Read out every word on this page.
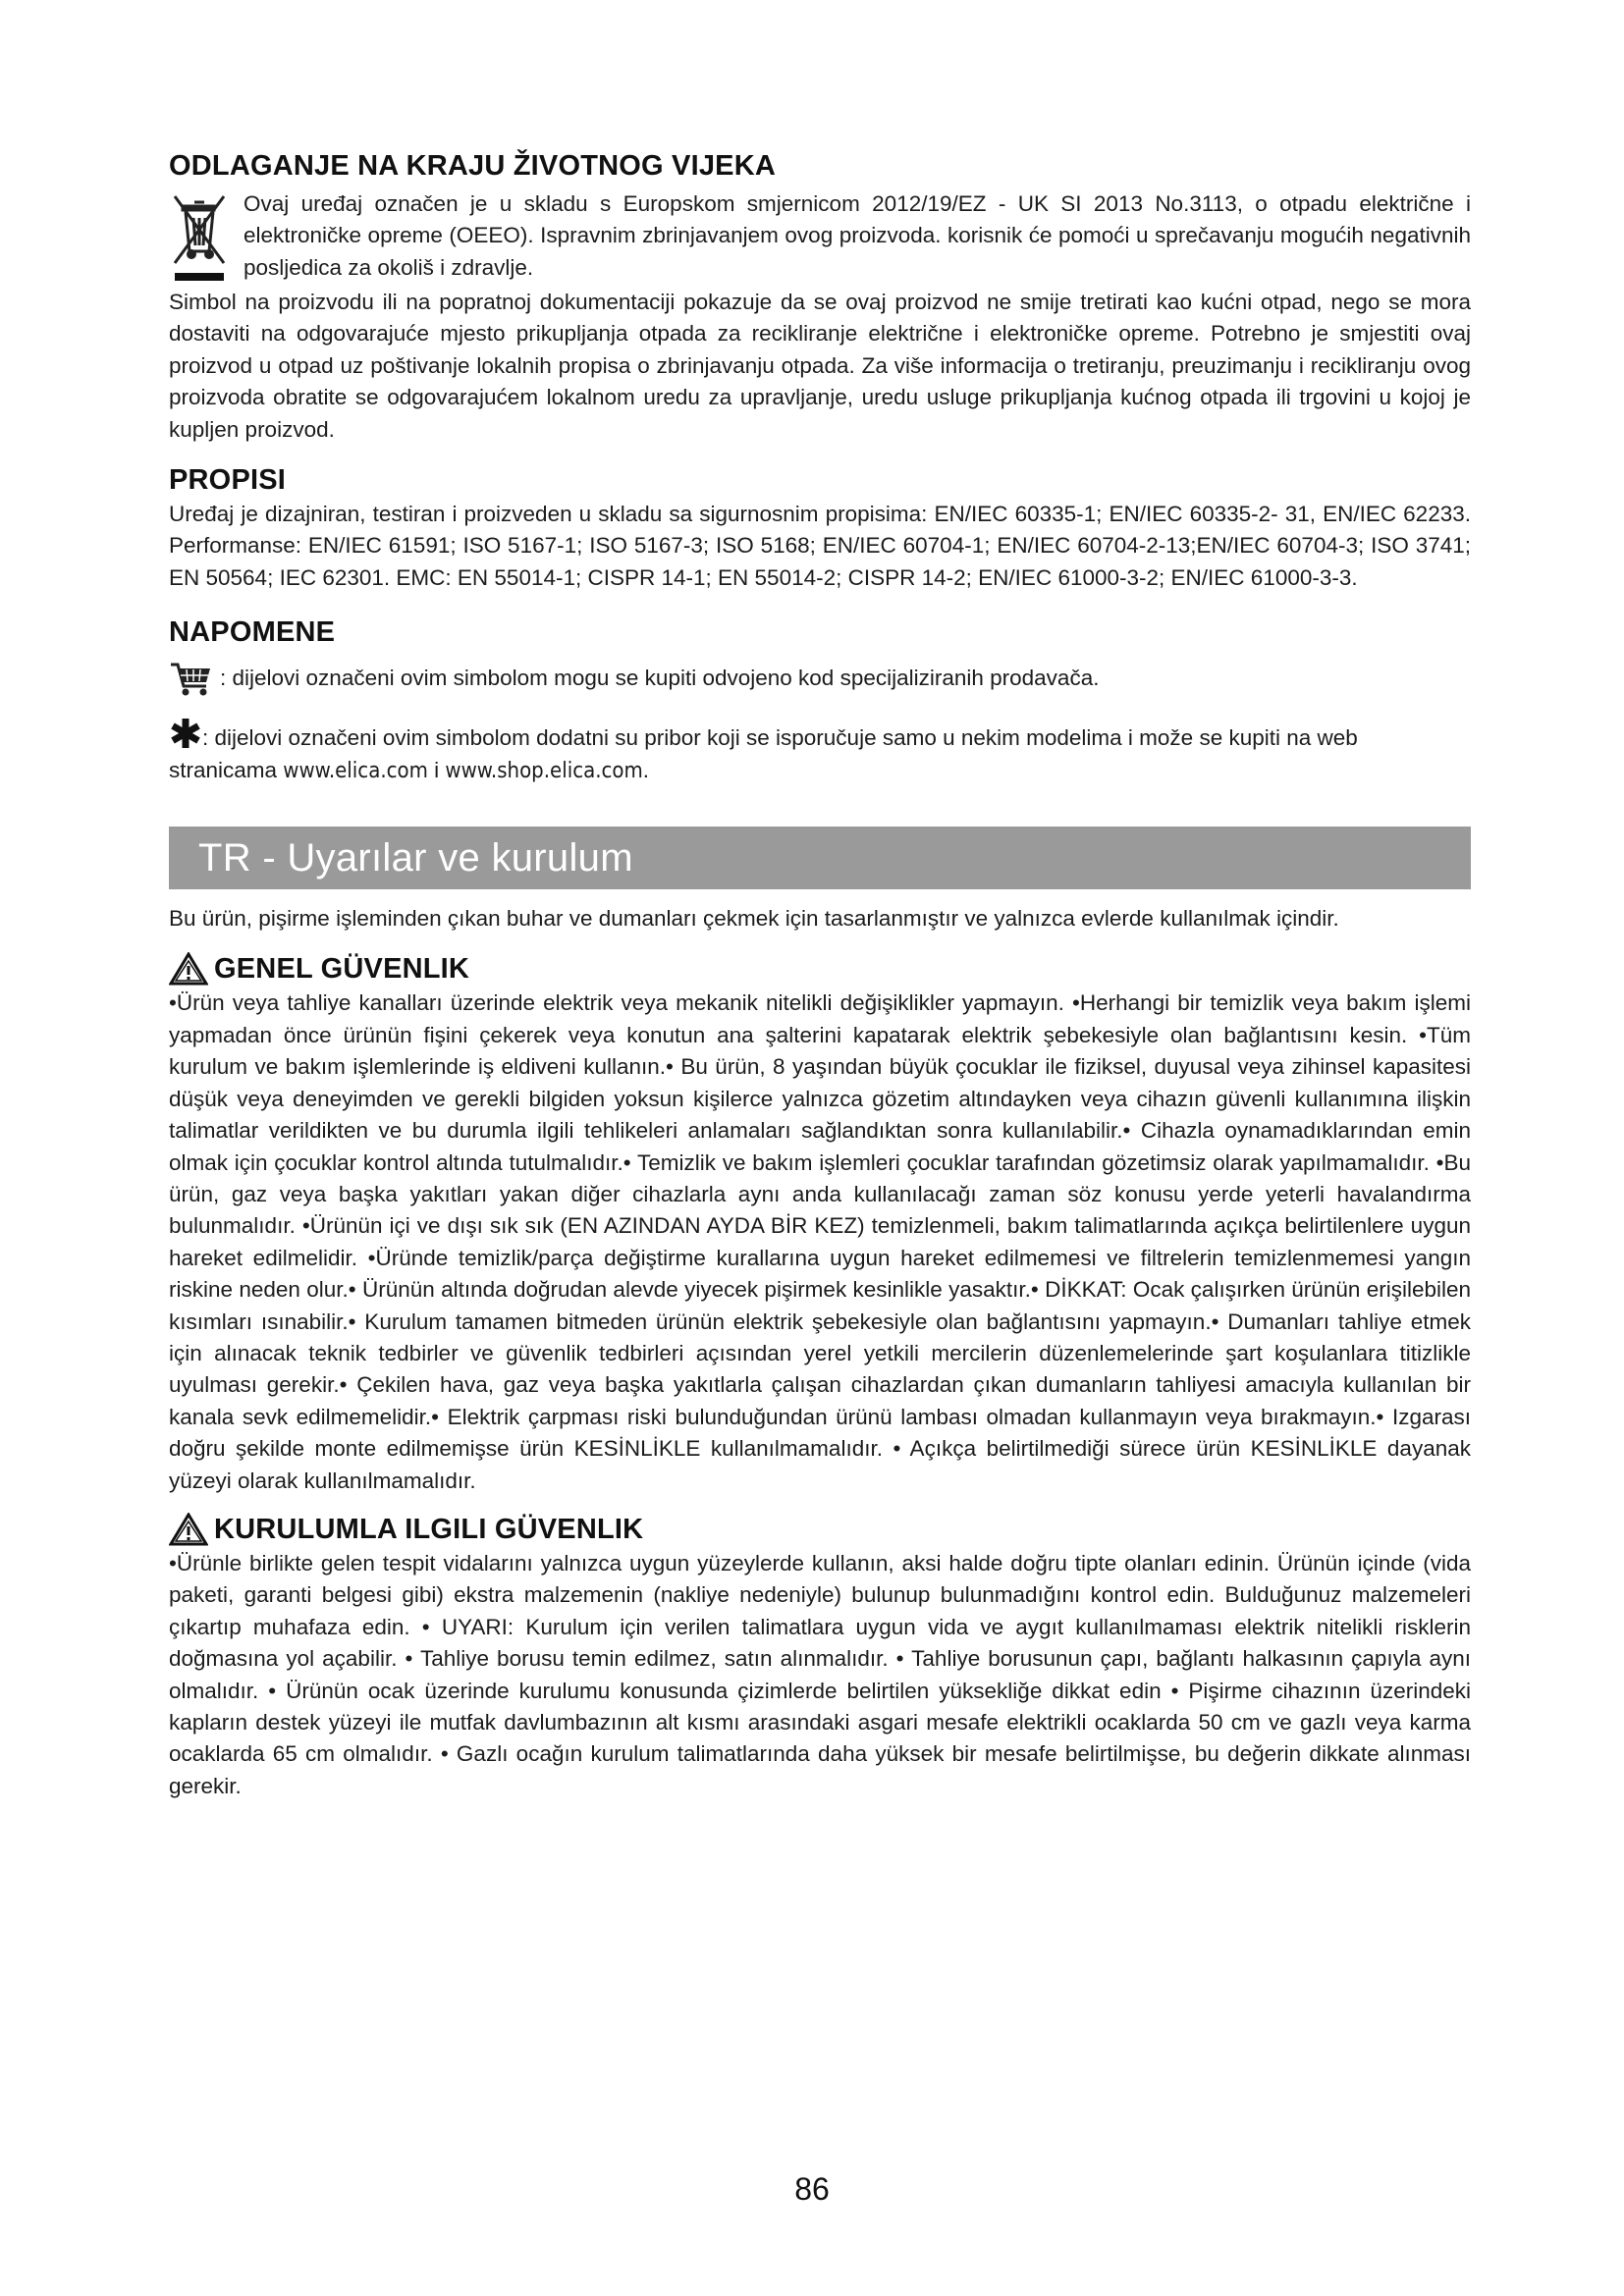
ODLAGANJE NA KRAJU ŽIVOTNOG VIJEKA

Ovaj uređaj označen je u skladu s Europskom smjernicom 2012/19/EZ - UK SI 2013 No.3113, o otpadu električne i elektroničke opreme (OEEO). Ispravnim zbrinjavanjem ovog proizvoda. korisnik će pomoći u sprečavanju mogućih negativnih posljedica za okoliš i zdravlje.

Simbol na proizvodu ili na popratnoj dokumentaciji pokazuje da se ovaj proizvod ne smije tretirati kao kućni otpad, nego se mora dostaviti na odgovarajuće mjesto prikupljanja otpada za recikliranje električne i elektroničke opreme. Potrebno je smjestiti ovaj proizvod u otpad uz poštivanje lokalnih propisa o zbrinjavanju otpada. Za više informacija o tretiranju, preuzimanju i recikliranju ovog proizvoda obratite se odgovarajućem lokalnom uredu za upravljanje, uredu usluge prikupljanja kućnog otpada ili trgovini u kojoj je kupljen proizvod.

PROPISI

Uređaj je dizajniran, testiran i proizveden u skladu sa sigurnosnim propisima: EN/IEC 60335-1; EN/IEC 60335-2- 31, EN/IEC 62233. Performanse: EN/IEC 61591; ISO 5167-1; ISO 5167-3; ISO 5168; EN/IEC 60704-1; EN/IEC 60704-2-13;EN/IEC 60704-3; ISO 3741; EN 50564; IEC 62301. EMC: EN 55014-1; CISPR 14-1; EN 55014-2; CISPR 14-2; EN/IEC 61000-3-2; EN/IEC 61000-3-3.

NAPOMENE

: dijelovi označeni ovim simbolom mogu se kupiti odvojeno kod specijaliziranih prodavača.

: dijelovi označeni ovim simbolom dodatni su pribor koji se isporučuje samo u nekim modelima i može se kupiti na web stranicama www.elica.com i www.shop.elica.com.

TR - Uyarılar ve kurulum

Bu ürün, pişirme işleminden çıkan buhar ve dumanları çekmek için tasarlanmıştır ve yalnızca evlerde kullanılmak içindir.

GENEL GÜVENLIK

•Ürün veya tahliye kanalları üzerinde elektrik veya mekanik nitelikli değişiklikler yapmayın. •Herhangi bir temizlik veya bakım işlemi yapmadan önce ürünün fişini çekerek veya konutun ana şalterini kapatarak elektrik şebekesiyle olan bağlantısını kesin. •Tüm kurulum ve bakım işlemlerinde iş eldiveni kullanın.• Bu ürün, 8 yaşından büyük çocuklar ile fiziksel, duyusal veya zihinsel kapasitesi düşük veya deneyimden ve gerekli bilgiden yoksun kişilerce yalnızca gözetim altındayken veya cihazın güvenli kullanımına ilişkin talimatlar verildikten ve bu durumla ilgili tehlikeleri anlamaları sağlandıktan sonra kullanılabilir.• Cihazla oynamadıklarından emin olmak için çocuklar kontrol altında tutulmalıdır.• Temizlik ve bakım işlemleri çocuklar tarafından gözetimsiz olarak yapılmamalıdır. •Bu ürün, gaz veya başka yakıtları yakan diğer cihazlarla aynı anda kullanılacağı zaman söz konusu yerde yeterli havalandırma bulunmalıdır. •Ürünün içi ve dışı sık sık (EN AZINDAN AYDA BİR KEZ) temizlenmeli, bakım talimatlarında açıkça belirtilenlere uygun hareket edilmelidir. •Üründe temizlik/parça değiştirme kurallarına uygun hareket edilmemesi ve filtrelerin temizlenmemesi yangın riskine neden olur.• Ürünün altında doğrudan alevde yiyecek pişirmek kesinlikle yasaktır.• DİKKAT: Ocak çalışırken ürünün erişilebilen kısımları ısınabilir.• Kurulum tamamen bitmeden ürünün elektrik şebekesiyle olan bağlantısını yapmayın.• Dumanları tahliye etmek için alınacak teknik tedbirler ve güvenlik tedbirleri açısından yerel yetkili mercilerin düzenlemelerinde şart koşulanlara titizlikle uyulması gerekir.• Çekilen hava, gaz veya başka yakıtlarla çalışan cihazlardan çıkan dumanların tahliyesi amacıyla kullanılan bir kanala sevk edilmemelidir.• Elektrik çarpması riski bulunduğundan ürünü lambası olmadan kullanmayın veya bırakmayın.• Izgarası doğru şekilde monte edilmemişse ürün KESİNLİKLE kullanılmamalıdır. • Açıkça belirtilmediği sürece ürün KESİNLİKLE dayanak yüzeyi olarak kullanılmamalıdır.

KURULUMLA ILGILI GÜVENLIK

•Ürünle birlikte gelen tespit vidalarını yalnızca uygun yüzeylerde kullanın, aksi halde doğru tipte olanları edinin. Ürünün içinde (vida paketi, garanti belgesi gibi) ekstra malzemenin (nakliye nedeniyle) bulunup bulunmadığını kontrol edin. Bulduğunuz malzemeleri çıkartıp muhafaza edin. • UYARI: Kurulum için verilen talimatlara uygun vida ve aygıt kullanılmaması elektrik nitelikli risklerin doğmasına yol açabilir. • Tahliye borusu temin edilmez, satın alınmalıdır. • Tahliye borusunun çapı, bağlantı halkasının çapıyla aynı olmalıdır. • Ürünün ocak üzerinde kurulumu konusunda çizimlerde belirtilen yüksekliğe dikkat edin • Pişirme cihazının üzerindeki kapların destek yüzeyi ile mutfak davlumbazının alt kısmı arasındaki asgari mesafe elektrikli ocaklarda 50 cm ve gazlı veya karma ocaklarda 65 cm olmalıdır. • Gazlı ocağın kurulum talimatlarında daha yüksek bir mesafe belirtilmişse, bu değerin dikkate alınması gerekir.

86
